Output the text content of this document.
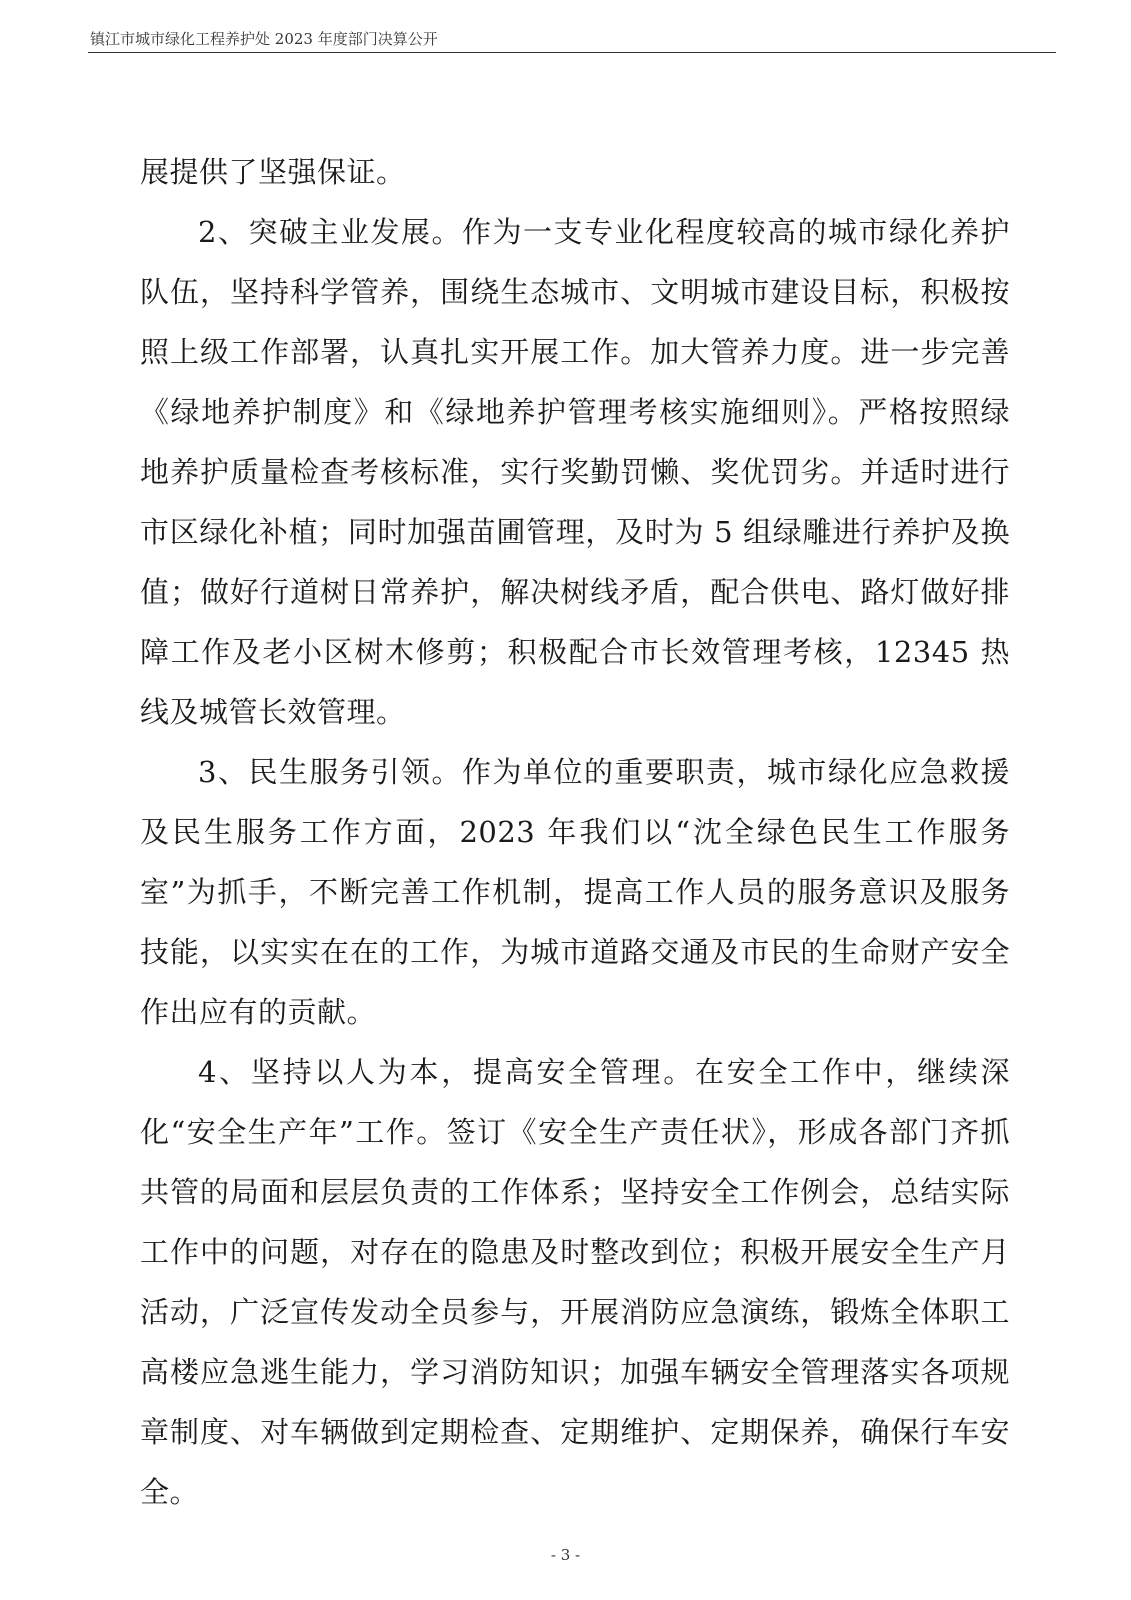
镇江市城市绿化工程养护处 2023 年度部门决算公开

展提供了坚强保证。

2、突破主业发展。作为一支专业化程度较高的城市绿化养护队伍，坚持科学管养，围绕生态城市、文明城市建设目标，积极按照上级工作部署，认真扎实开展工作。加大管养力度。进一步完善《绿地养护制度》和《绿地养护管理考核实施细则》。严格按照绿地养护质量检查考核标准，实行奖勤罚懒、奖优罚劣。并适时进行市区绿化补植；同时加强苗圃管理，及时为 5 组绿雕进行养护及换值；做好行道树日常养护，解决树线矛盾，配合供电、路灯做好排障工作及老小区树木修剪；积极配合市长效管理考核，12345 热线及城管长效管理。

3、民生服务引领。作为单位的重要职责，城市绿化应急救援及民生服务工作方面，2023 年我们以“沈全绿色民生工作服务室”为抓手，不断完善工作机制，提高工作人员的服务意识及服务技能，以实实在在的工作，为城市道路交通及市民的生命财产安全作出应有的贡献。

4、坚持以人为本，提高安全管理。在安全工作中，继续深化“安全生产年”工作。签订《安全生产责任状》，形成各部门齐抓共管的局面和层层负责的工作体系；坚持安全工作例会，总结实际工作中的问题，对存在的隐患及时整改到位；积极开展安全生产月活动，广泛宣传发动全员参与，开展消防应急演练，锻炼全体职工高楼应急逃生能力，学习消防知识；加强车辆安全管理落实各项规章制度、对车辆做到定期检查、定期维护、定期保养，确保行车安全。

- 3 -
